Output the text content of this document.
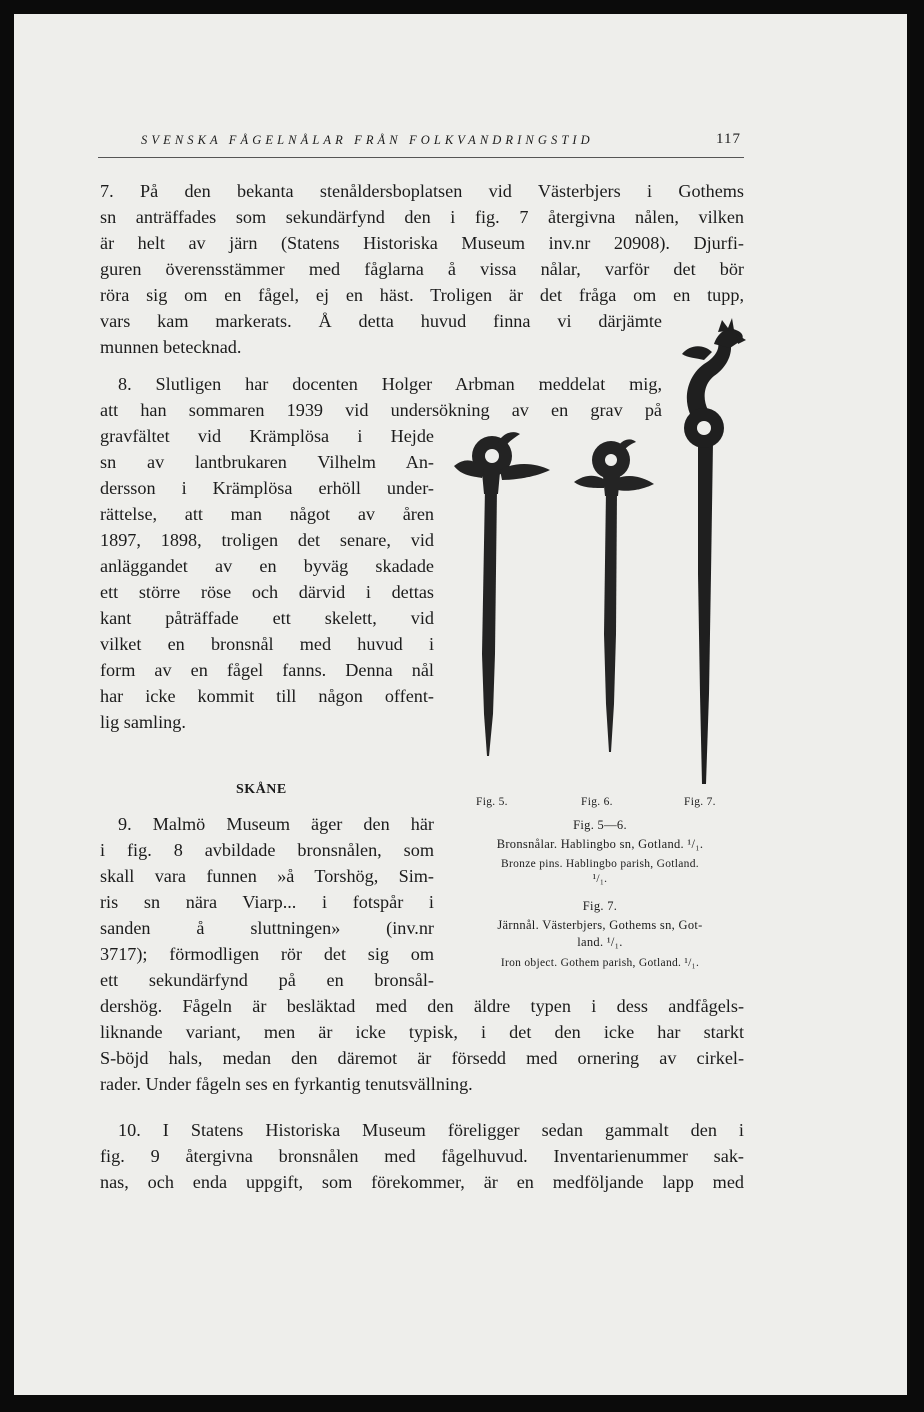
SVENSKA FÅGELNÅLAR FRÅN FOLKVANDRINGSTID	117
7. På den bekanta stenåldersboplatsen vid Västerbjers i Gothems
sn anträffades som sekundärfynd den i fig. 7 återgivna nålen, vilken
är helt av järn (Statens Historiska Museum inv.nr 20908). Djurfi-
guren överensstämmer med fåglarna å vissa nålar, varför det bör
röra sig om en fågel, ej en häst. Troligen är det fråga om en tupp,
vars kam markerats. Å detta huvud finna vi därjämte
munnen betecknad.
8. Slutligen har docenten Holger Arbman meddelat mig,
att han sommaren 1939 vid undersökning av en grav på
gravfältet vid Krämplösa i Hejde
sn av lantbrukaren Vilhelm An-
dersson i Krämplösa erhöll under-
rättelse, att man något av åren
1897, 1898, troligen det senare, vid
anläggandet av en byväg skadade
ett större röse och därvid i dettas
kant påträffade ett skelett, vid
vilket en bronsnål med huvud i
form av en fågel fanns. Denna nål
har icke kommit till någon offent-
lig samling.
SKÅNE
9. Malmö Museum äger den här
i fig. 8 avbildade bronsnålen, som
skall vara funnen »å Torshög, Sim-
ris sn nära Viarp... i fotspår i
sanden å sluttningen» (inv.nr
3717); förmodligen rör det sig om
ett sekundärfynd på en bronsål-
dershög. Fågeln är besläktad med den äldre typen i dess andfågels-
liknande variant, men är icke typisk, i det den icke har starkt
S-böjd hals, medan den däremot är försedd med ornering av cirkel-
rader. Under fågeln ses en fyrkantig tenutsvällning.
10. I Statens Historiska Museum föreligger sedan gammalt den i
fig. 9 återgivna bronsnålen med fågelhuvud. Inventarienummer sak-
nas, och enda uppgift, som förekommer, är en medföljande lapp med
Fig. 5.	Fig. 6.	Fig. 7.
Fig. 5—6.
Bronsnålar. Hablingbo sn, Gotland. ¹/₁.
Bronze pins. Hablingbo parish, Gotland.
¹/₁.
Fig. 7.
Järnnål. Västerbjers, Gothems sn, Got-
land. ¹/₁.
Iron object. Gothem parish, Gotland. ¹/₁.
